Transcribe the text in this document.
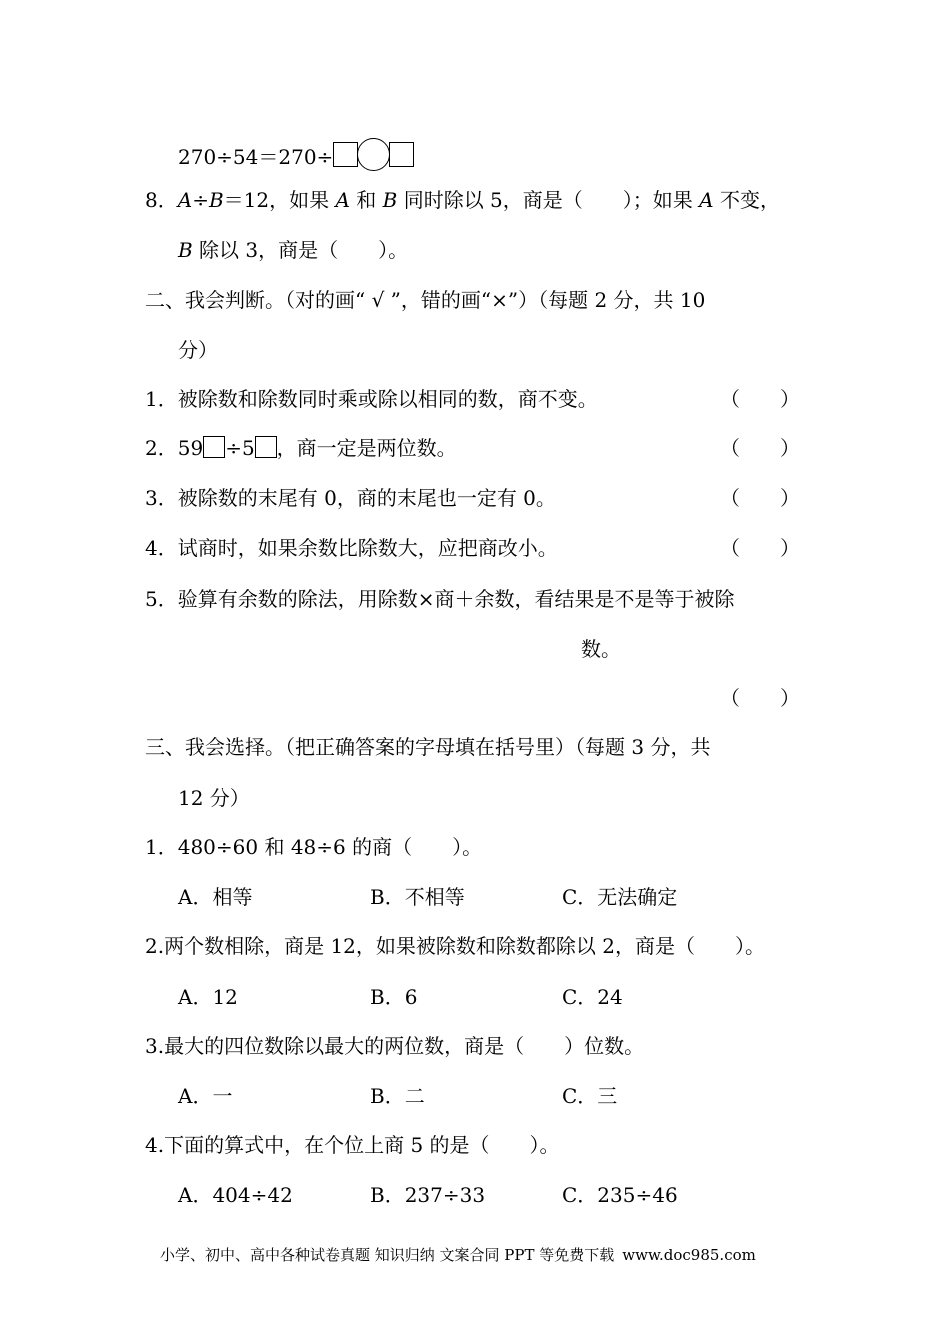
270÷54＝270÷
8．A÷B＝12，如果 A 和 B 同时除以 5，商是（　　）；如果 A 不变，
B 除以 3，商是（　　）。
二、我会判断。（对的画“ √ ”，错的画“×”）（每题 2 分，共 10
分）
1．被除数和除数同时乘或除以相同的数，商不变。	（　　）
2．59 ÷5 ，商一定是两位数。	（　　）
3．被除数的末尾有 0，商的末尾也一定有 0。	（　　）
4．试商时，如果余数比除数大，应把商改小。	（　　）
5．验算有余数的除法，用除数×商＋余数，看结果是不是等于被除
数。
（　　）
三、我会选择。（把正确答案的字母填在括号里）（每题 3 分，共
12 分）
1．480÷60 和 48÷6 的商（　　）。
A．相等	B．不相等	C．无法确定
2.两个数相除，商是 12，如果被除数和除数都除以 2，商是（　　）。
A．12	B．6	C．24
3.最大的四位数除以最大的两位数，商是（　　）位数。
A．一	B．二	C．三
4.下面的算式中，在个位上商 5 的是（　　）。
A．404÷42	B．237÷33	C．235÷46
小学、初中、高中各种试卷真题 知识归纳 文案合同 PPT 等免费下载 www.doc985.com
